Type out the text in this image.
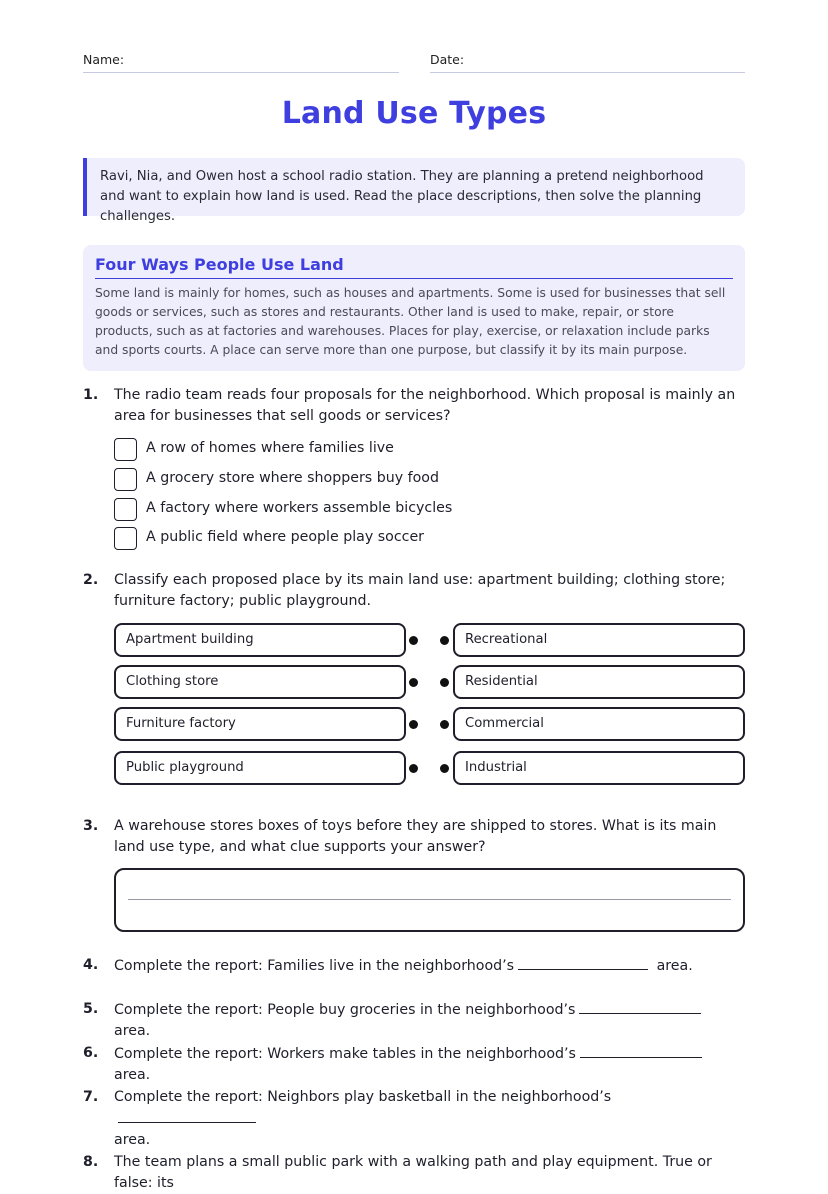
Name:	Date:
Land Use Types
Ravi, Nia, and Owen host a school radio station. They are planning a pretend neighborhood and want to explain how land is used. Read the place descriptions, then solve the planning challenges.
Four Ways People Use Land
Some land is mainly for homes, such as houses and apartments. Some is used for businesses that sell goods or services, such as stores and restaurants. Other land is used to make, repair, or store products, such as at factories and warehouses. Places for play, exercise, or relaxation include parks and sports courts. A place can serve more than one purpose, but classify it by its main purpose.
1. The radio team reads four proposals for the neighborhood. Which proposal is mainly an area for businesses that sell goods or services?
A row of homes where families live
A grocery store where shoppers buy food
A factory where workers assemble bicycles
A public field where people play soccer
2. Classify each proposed place by its main land use: apartment building; clothing store; furniture factory; public playground.
Apartment building
Clothing store
Furniture factory
Public playground
Recreational
Residential
Commercial
Industrial
3. A warehouse stores boxes of toys before they are shipped to stores. What is its main land use type, and what clue supports your answer?
4. Complete the report: Families live in the neighborhood’s	area.
5. Complete the report: People buy groceries in the neighborhood’s area.
6. Complete the report: Workers make tables in the neighborhood’s area.
7. Complete the report: Neighbors play basketball in the neighborhood’s
area.
8. The team plans a small public park with a walking path and play equipment. True or false: its
